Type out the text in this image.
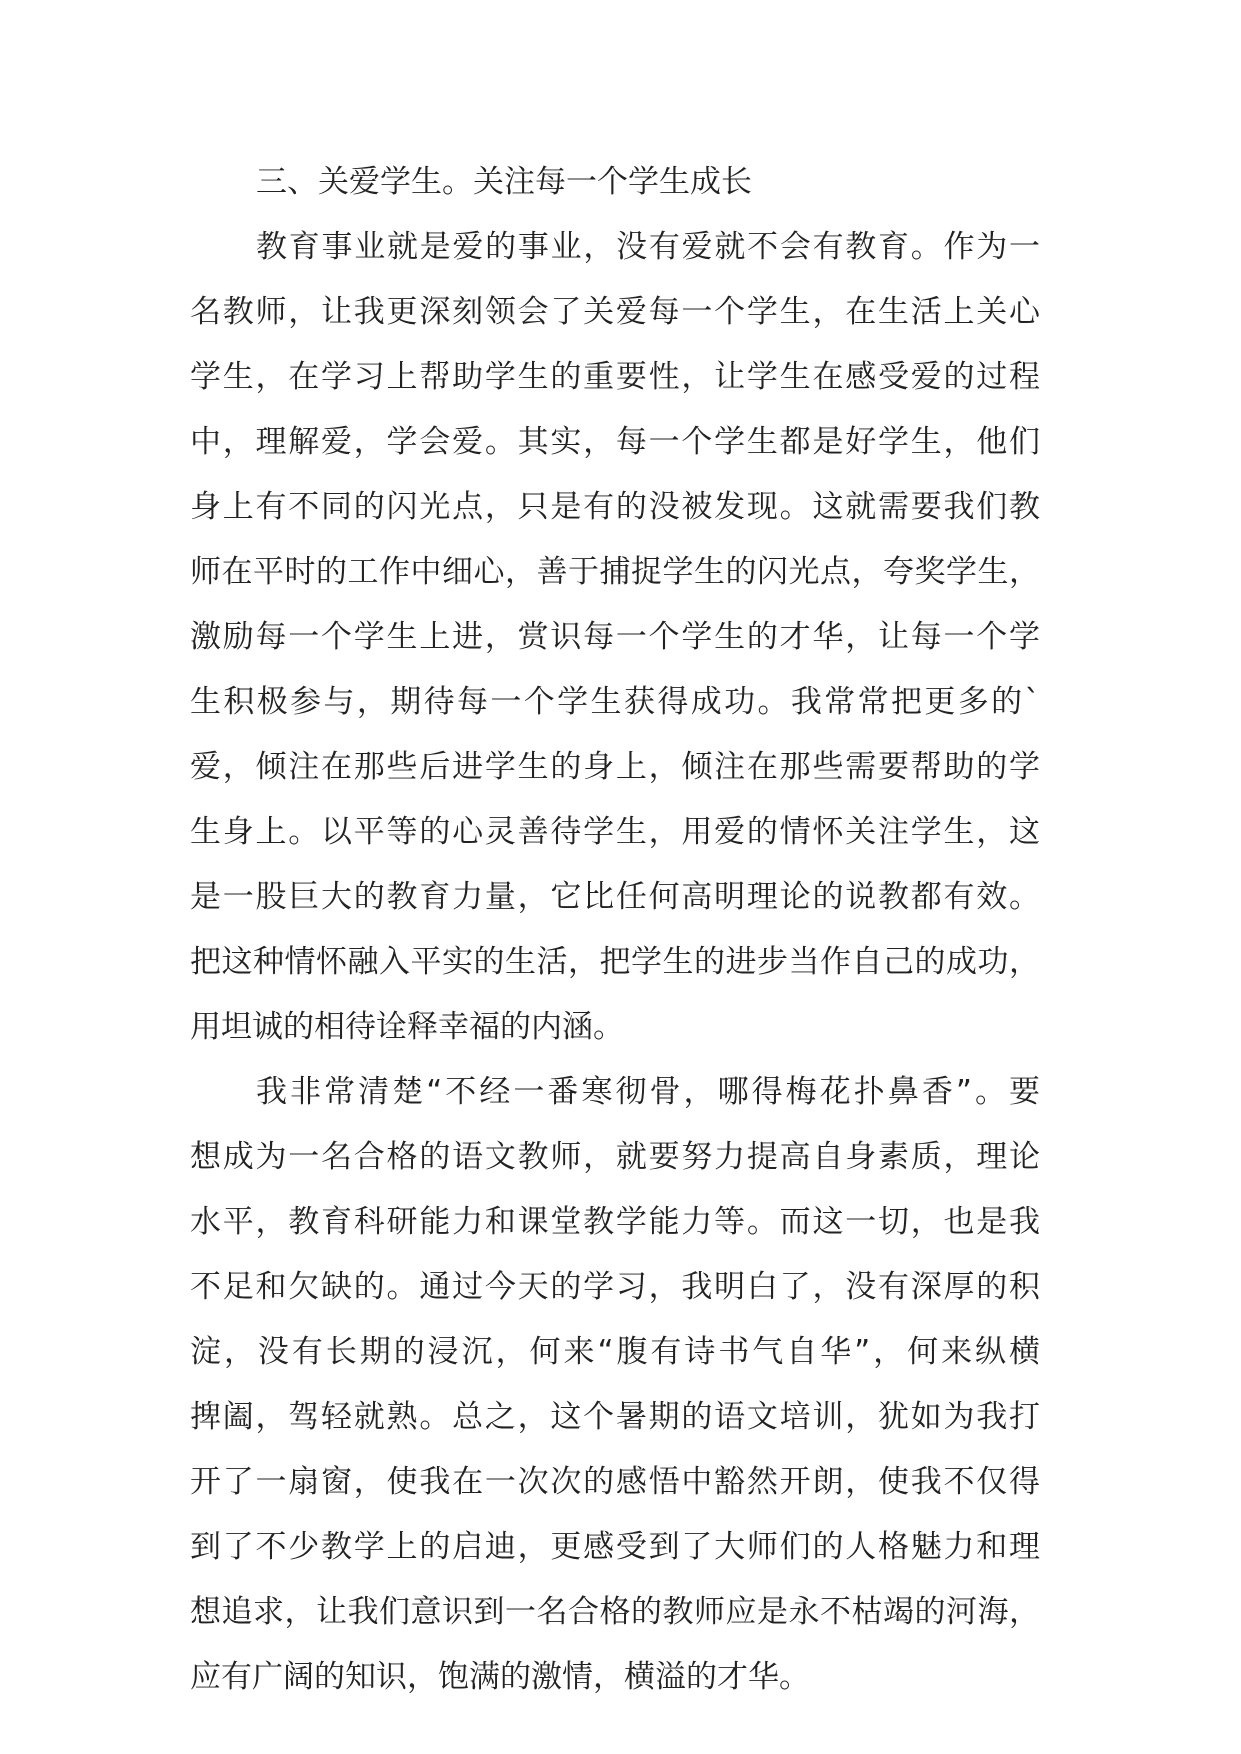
三、关爱学生。关注每一个学生成长
教育事业就是爱的事业，没有爱就不会有教育。作为一
名教师，让我更深刻领会了关爱每一个学生，在生活上关心
学生，在学习上帮助学生的重要性，让学生在感受爱的过程
中，理解爱，学会爱。其实，每一个学生都是好学生，他们
身上有不同的闪光点，只是有的没被发现。这就需要我们教
师在平时的工作中细心，善于捕捉学生的闪光点，夸奖学生，
激励每一个学生上进，赏识每一个学生的才华，让每一个学
生积极参与，期待每一个学生获得成功。我常常把更多的`
爱，倾注在那些后进学生的身上，倾注在那些需要帮助的学
生身上。以平等的心灵善待学生，用爱的情怀关注学生，这
是一股巨大的教育力量，它比任何高明理论的说教都有效。
把这种情怀融入平实的生活，把学生的进步当作自己的成功，
用坦诚的相待诠释幸福的内涵。
我非常清楚“不经一番寒彻骨，哪得梅花扑鼻香”。要
想成为一名合格的语文教师，就要努力提高自身素质，理论
水平，教育科研能力和课堂教学能力等。而这一切，也是我
不足和欠缺的。通过今天的学习，我明白了，没有深厚的积
淀，没有长期的浸沉，何来“腹有诗书气自华”，何来纵横
捭阖，驾轻就熟。总之，这个暑期的语文培训，犹如为我打
开了一扇窗，使我在一次次的感悟中豁然开朗，使我不仅得
到了不少教学上的启迪，更感受到了大师们的人格魅力和理
想追求，让我们意识到一名合格的教师应是永不枯竭的河海，
应有广阔的知识，饱满的激情，横溢的才华。
